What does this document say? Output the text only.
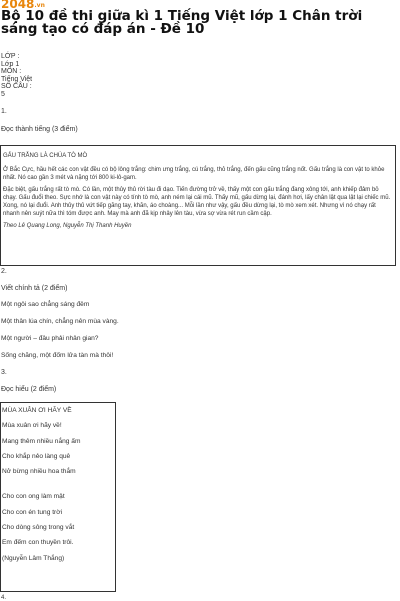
2048.vn
Bộ 10 đề thi giữa kì 1 Tiếng Việt lớp 1 Chân trời sáng tạo có đáp án - Đề 10
LỚP :
Lớp 1
MÔN :
Tiếng Việt
SỐ CÂU :
5
1.
Đọc thành tiếng (3 điểm)

GẤU TRẮNG LÀ CHÚA TÒ MÒ

Ở Bắc Cực, hầu hết các con vật đều có bộ lông trắng: chim ưng trắng, cú trắng, thỏ trắng, đến gấu cũng trắng nốt. Gấu trắng là con vật to khỏe nhất. Nó cao gần 3 mét và nặng tới 800 ki-lô-gam.

Đặc biệt, gấu trắng rất tò mò. Có lần, một thủy thủ rời tàu đi dạo. Tiến đường trở về, thấy một con gấu trắng đang xông tới, anh khiếp đảm bỏ chạy. Gấu đuổi theo. Sực nhớ là con vật này có tính tò mò, anh ném lại cái mũ. Thấy mũ, gấu dừng lại, đánh hơi, lấy chân lật qua lật lại chiếc mũ. Xong, nó lại đuổi. Anh thủy thủ vứt tiếp găng tay, khăn, áo choàng... Mỗi lần như vậy, gấu đều dừng lại, tò mò xem xét. Nhưng vì nó chạy rất nhanh nên suýt nữa thì tóm được anh. May mà anh đã kịp nhảy lên tàu, vừa sợ vừa rét run cầm cập.

Theo Lê Quang Long, Nguyễn Thị Thanh Huyền

2.
Viết chính tả (2 điểm)
Một ngôi sao chẳng sáng đêm
Một thân lúa chín, chẳng nên mùa vàng.
Một người – đâu phải nhân gian?
Sống chăng, một đốm lửa tàn mà thôi!
3.
Đọc hiểu (2 điểm)
MÙA XUÂN ƠI HÃY VỀ
Mùa xuân ơi hãy về!
Mang thêm nhiều nắng ấm
Cho khắp nẻo làng quê
Nở bừng nhiều hoa thắm
Cho con ong làm mật
Cho con én tung trời
Cho dòng sông trong vắt
Em đếm con thuyền trôi.
(Nguyễn Lâm Thắng)
4.
